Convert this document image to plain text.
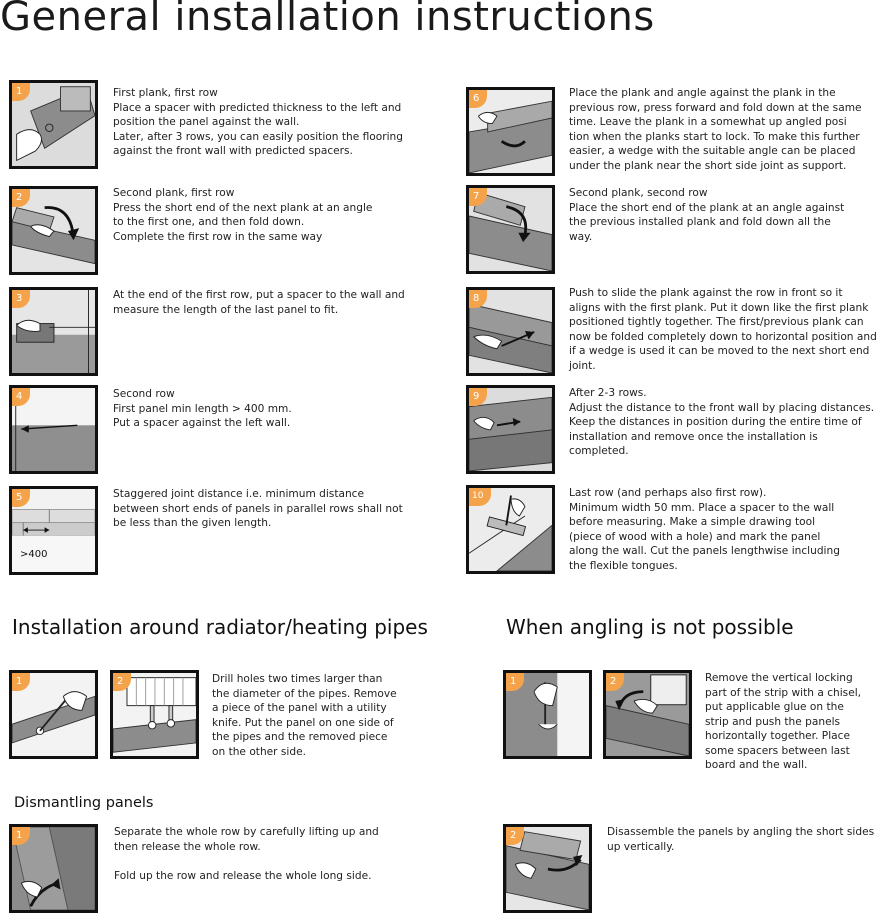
General installation instructions
1	First plank, first row
Place a spacer with predicted thickness to the left and
position the panel against the wall.
Later, after 3 rows, you can easily position the flooring
against the front wall with predicted spacers.
2	Second plank, first row
Press the short end of the next plank at an angle
to the first one, and then fold down.
Complete the first row in the same way
3	At the end of the first row, put a spacer to the wall and
measure the length of the last panel to fit.
4	Second row
First panel min length > 400 mm.
Put a spacer against the left wall.
5
>400
Staggered joint distance i.e. minimum distance
between short ends of panels in parallel rows shall not
be less than the given length.
6	Place the plank and angle against the plank in the
previous row, press forward and fold down at the same
time. Leave the plank in a somewhat up angled posi
tion when the planks start to lock. To make this further
easier, a wedge with the suitable angle can be placed
under the plank near the short side joint as support.
7	Second plank, second row
Place the short end of the plank at an angle against
the previous installed plank and fold down all the
way.
8	Push to slide the plank against the row in front so it
aligns with the first plank. Put it down like the first plank
positioned tightly together. The first/previous plank can
now be folded completely down to horizontal position and
if a wedge is used it can be moved to the next short end
joint.
9	After 2-3 rows.
Adjust the distance to the front wall by placing distances.
Keep the distances in position during the entire time of
installation and remove once the installation is
completed.
10	Last row (and perhaps also first row).
Minimum width 50 mm. Place a spacer to the wall
before measuring. Make a simple drawing tool
(piece of wood with a hole) and mark the panel
along the wall. Cut the panels lengthwise including
the flexible tongues.
Installation around radiator/heating pipes
1	2	Drill holes two times larger than
the diameter of the pipes. Remove
a piece of the panel with a utility
knife. Put the panel on one side of
the pipes and the removed piece
on the other side.
When angling is not possible
1	2	Remove the vertical locking
part of the strip with a chisel,
put applicable glue on the
strip and push the panels
horizontally together. Place
some spacers between last
board and the wall.
Dismantling panels
1	Separate the whole row by carefully lifting up and
then release the whole row.

Fold up the row and release the whole long side.
2	Disassemble the panels by angling the short sides
up vertically.
